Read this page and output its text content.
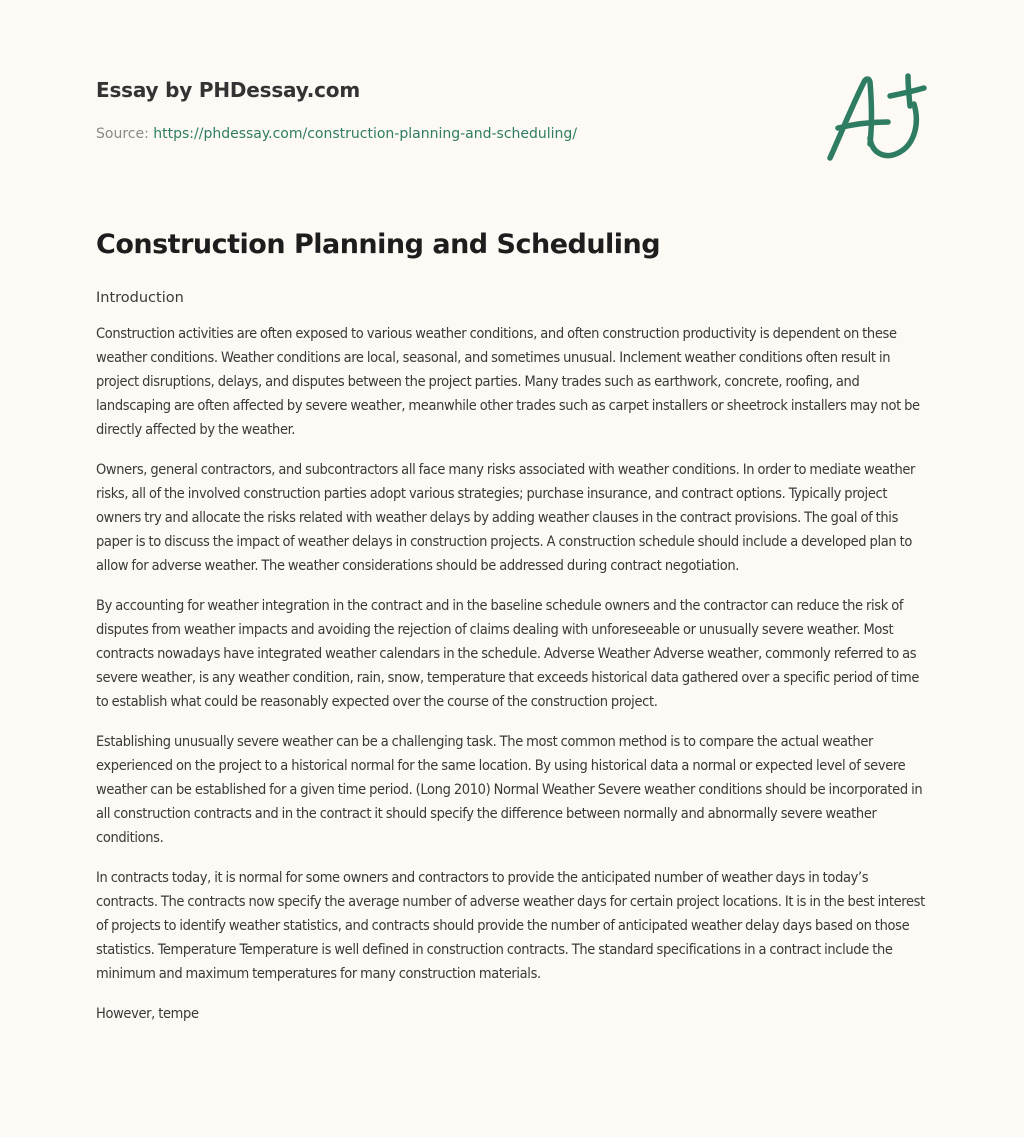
Essay by PHDessay.com
Source: https://phdessay.com/construction-planning-and-scheduling/
Construction Planning and Scheduling

Introduction

Construction activities are often exposed to various weather conditions, and often construction productivity is dependent on these weather conditions. Weather conditions are local, seasonal, and sometimes unusual. Inclement weather conditions often result in project disruptions, delays, and disputes between the project parties. Many trades such as earthwork, concrete, roofing, and landscaping are often affected by severe weather, meanwhile other trades such as carpet installers or sheetrock installers may not be directly affected by the weather.

Owners, general contractors, and subcontractors all face many risks associated with weather conditions. In order to mediate weather risks, all of the involved construction parties adopt various strategies; purchase insurance, and contract options. Typically project owners try and allocate the risks related with weather delays by adding weather clauses in the contract provisions. The goal of this paper is to discuss the impact of weather delays in construction projects. A construction schedule should include a developed plan to allow for adverse weather. The weather considerations should be addressed during contract negotiation.

By accounting for weather integration in the contract and in the baseline schedule owners and the contractor can reduce the risk of disputes from weather impacts and avoiding the rejection of claims dealing with unforeseeable or unusually severe weather. Most contracts nowadays have integrated weather calendars in the schedule. Adverse Weather Adverse weather, commonly referred to as severe weather, is any weather condition, rain, snow, temperature that exceeds historical data gathered over a specific period of time to establish what could be reasonably expected over the course of the construction project.

Establishing unusually severe weather can be a challenging task. The most common method is to compare the actual weather experienced on the project to a historical normal for the same location. By using historical data a normal or expected level of severe weather can be established for a given time period. (Long 2010) Normal Weather Severe weather conditions should be incorporated in all construction contracts and in the contract it should specify the difference between normally and abnormally severe weather conditions.

In contracts today, it is normal for some owners and contractors to provide the anticipated number of weather days in today’s contracts. The contracts now specify the average number of adverse weather days for certain project locations. It is in the best interest of projects to identify weather statistics, and contracts should provide the number of anticipated weather delay days based on those statistics. Temperature Temperature is well defined in construction contracts. The standard specifications in a contract include the minimum and maximum temperatures for many construction materials.

However, tempe
